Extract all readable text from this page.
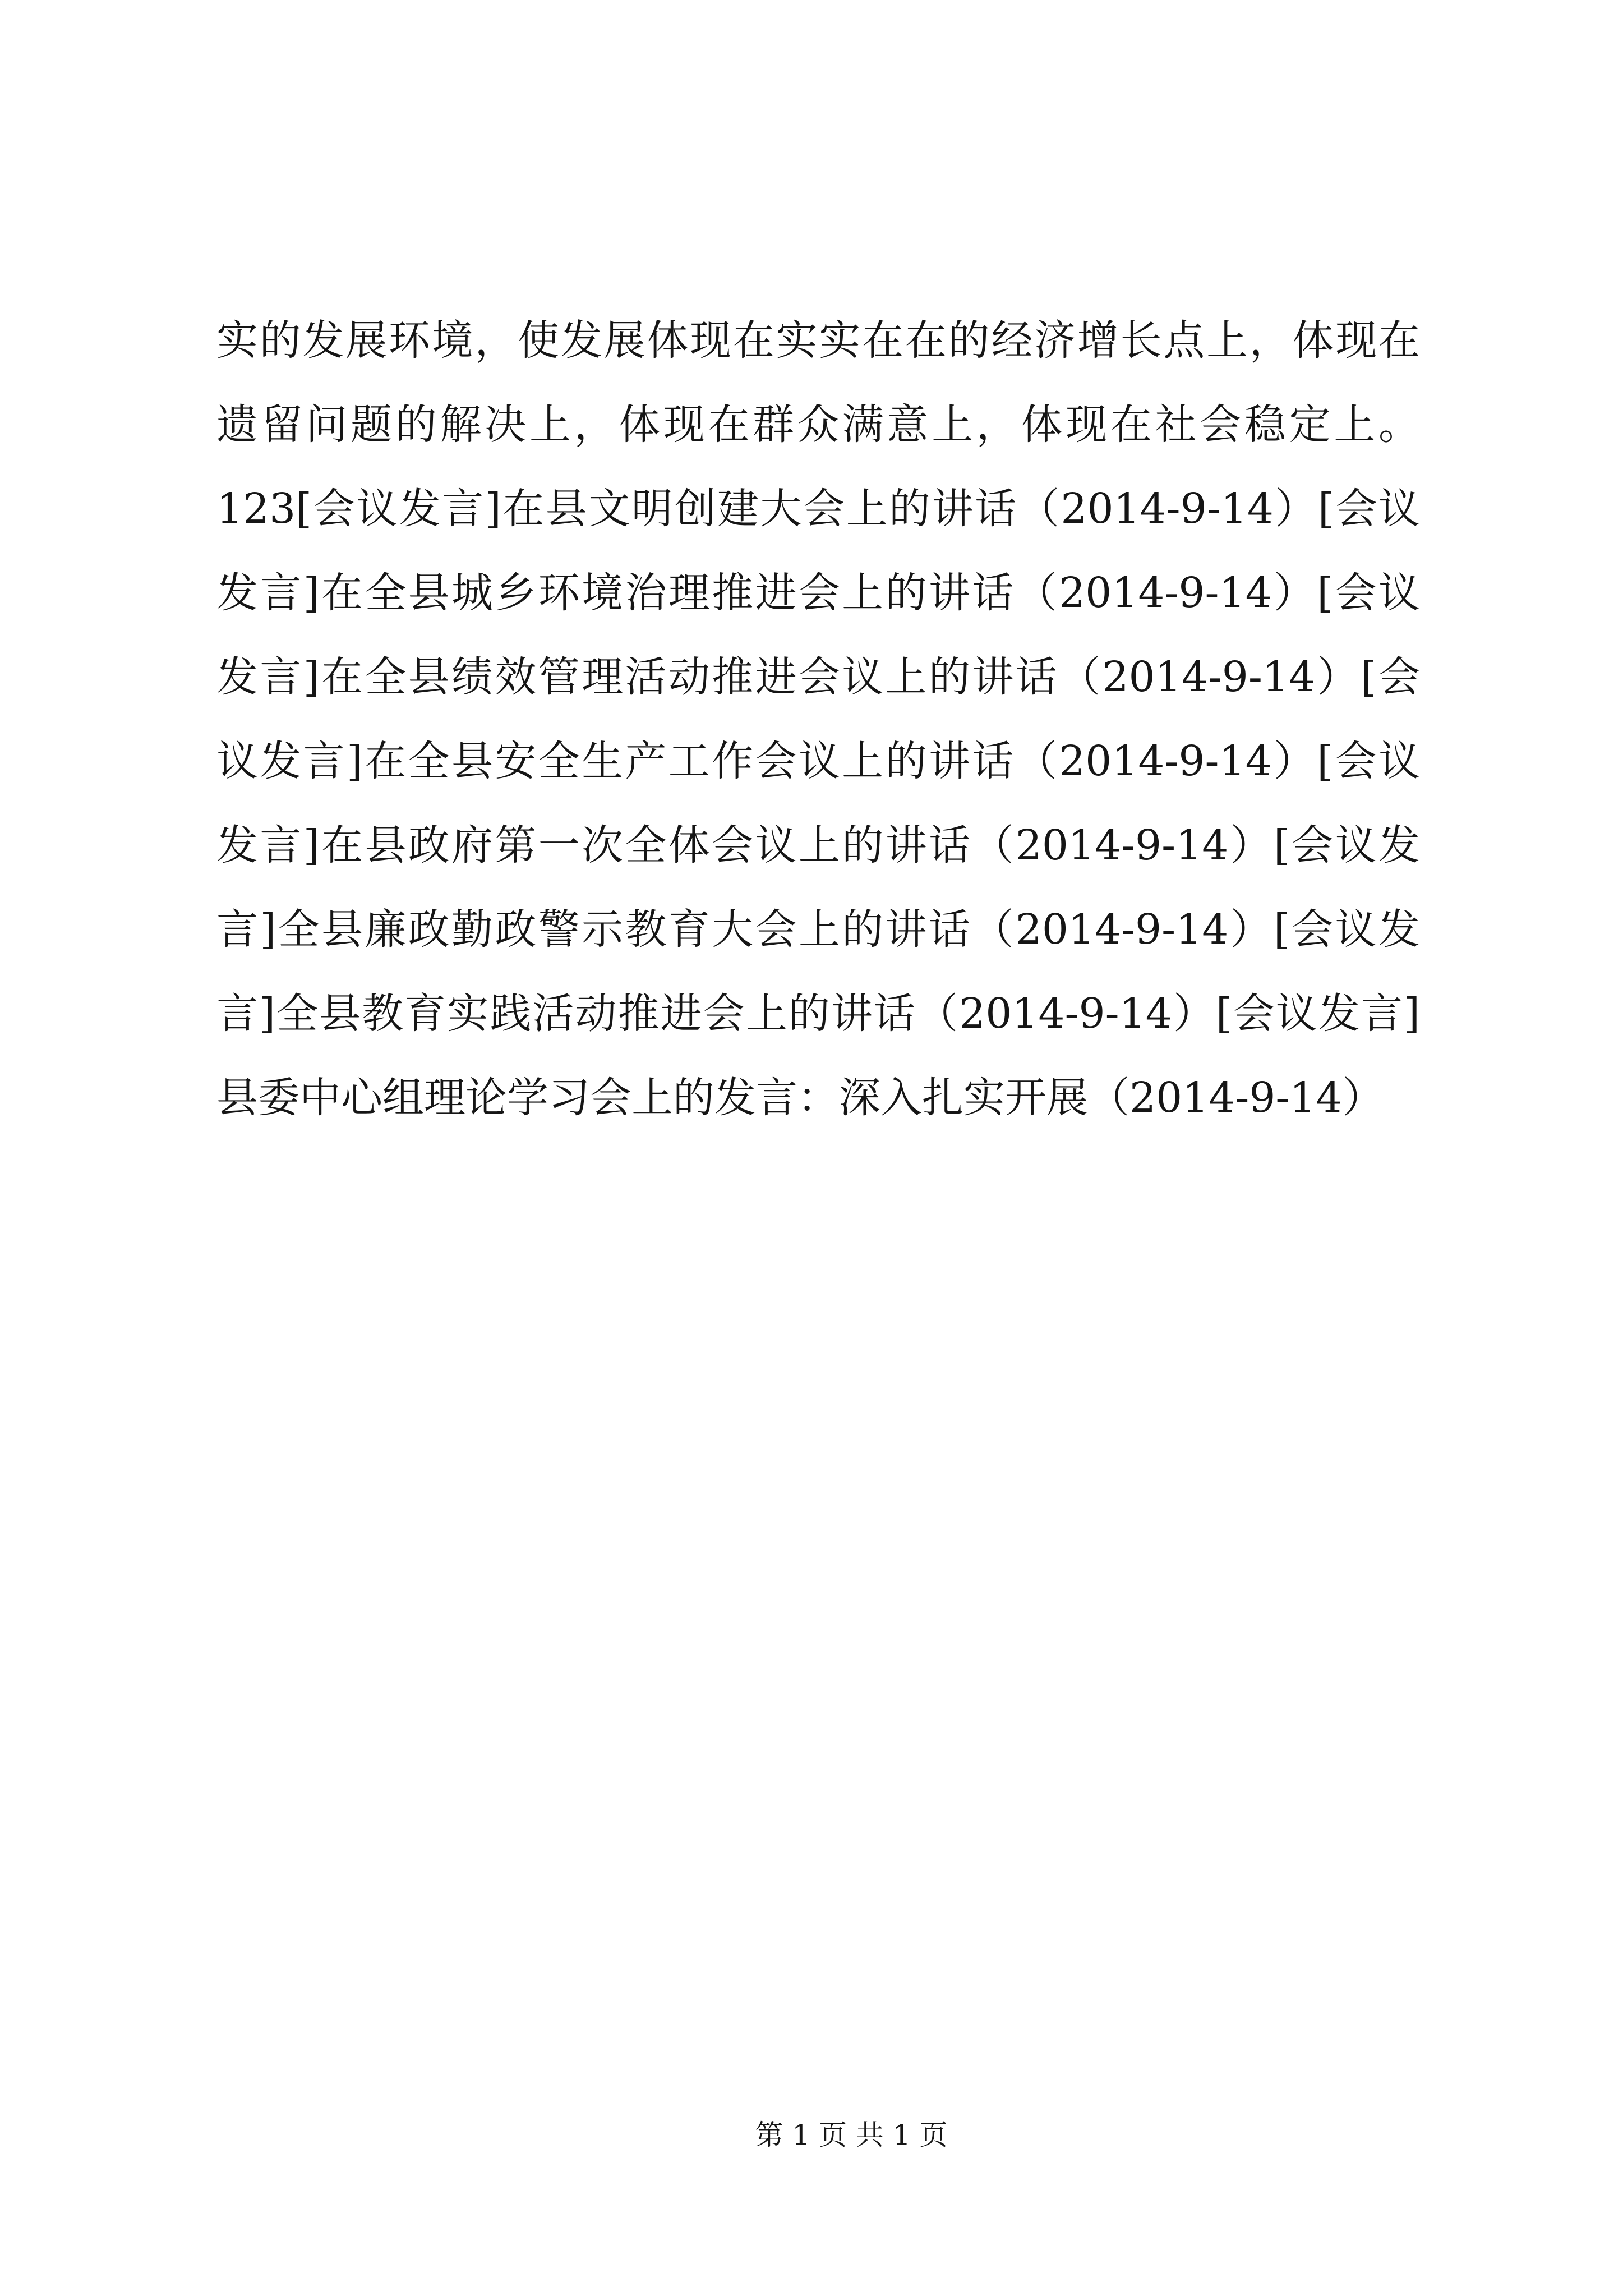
实的发展环境，使发展体现在实实在在的经济增长点上，体现在
遗留问题的解决上，体现在群众满意上，体现在社会稳定上。
123[会议发言]在县文明创建大会上的讲话（2014-9-14）[会议
发言]在全县城乡环境治理推进会上的讲话（2014-9-14）[会议
发言]在全县绩效管理活动推进会议上的讲话（2014-9-14）[会
议发言]在全县安全生产工作会议上的讲话（2014-9-14）[会议
发言]在县政府第一次全体会议上的讲话（2014-9-14）[会议发
言]全县廉政勤政警示教育大会上的讲话（2014-9-14）[会议发
言]全县教育实践活动推进会上的讲话（2014-9-14）[会议发言]
县委中心组理论学习会上的发言：深入扎实开展（2014-9-14）
第 1 页 共 1 页
